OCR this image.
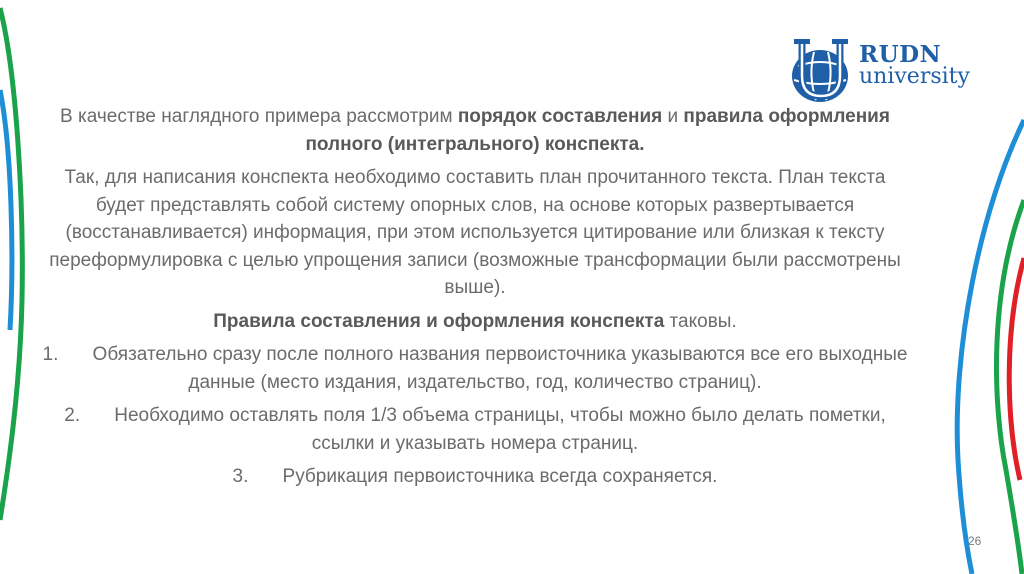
RUDN
university

В качестве наглядного примера рассмотрим порядок составления и правила оформления полного (интегрального) конспекта.

Так, для написания конспекта необходимо составить план прочитанного текста. План текста будет представлять собой систему опорных слов, на основе которых развертывается (восстанавливается) информация, при этом используется цитирование или близкая к тексту переформулировка с целью упрощения записи (возможные трансформации были рассмотрены выше).

Правила составления и оформления конспекта таковы.

1. Обязательно сразу после полного названия первоисточника указываются все его выходные данные (место издания, издательство, год, количество страниц).

2. Необходимо оставлять поля 1/3 объема страницы, чтобы можно было делать пометки, ссылки и указывать номера страниц.

3. Рубрикация первоисточника всегда сохраняется.

26
